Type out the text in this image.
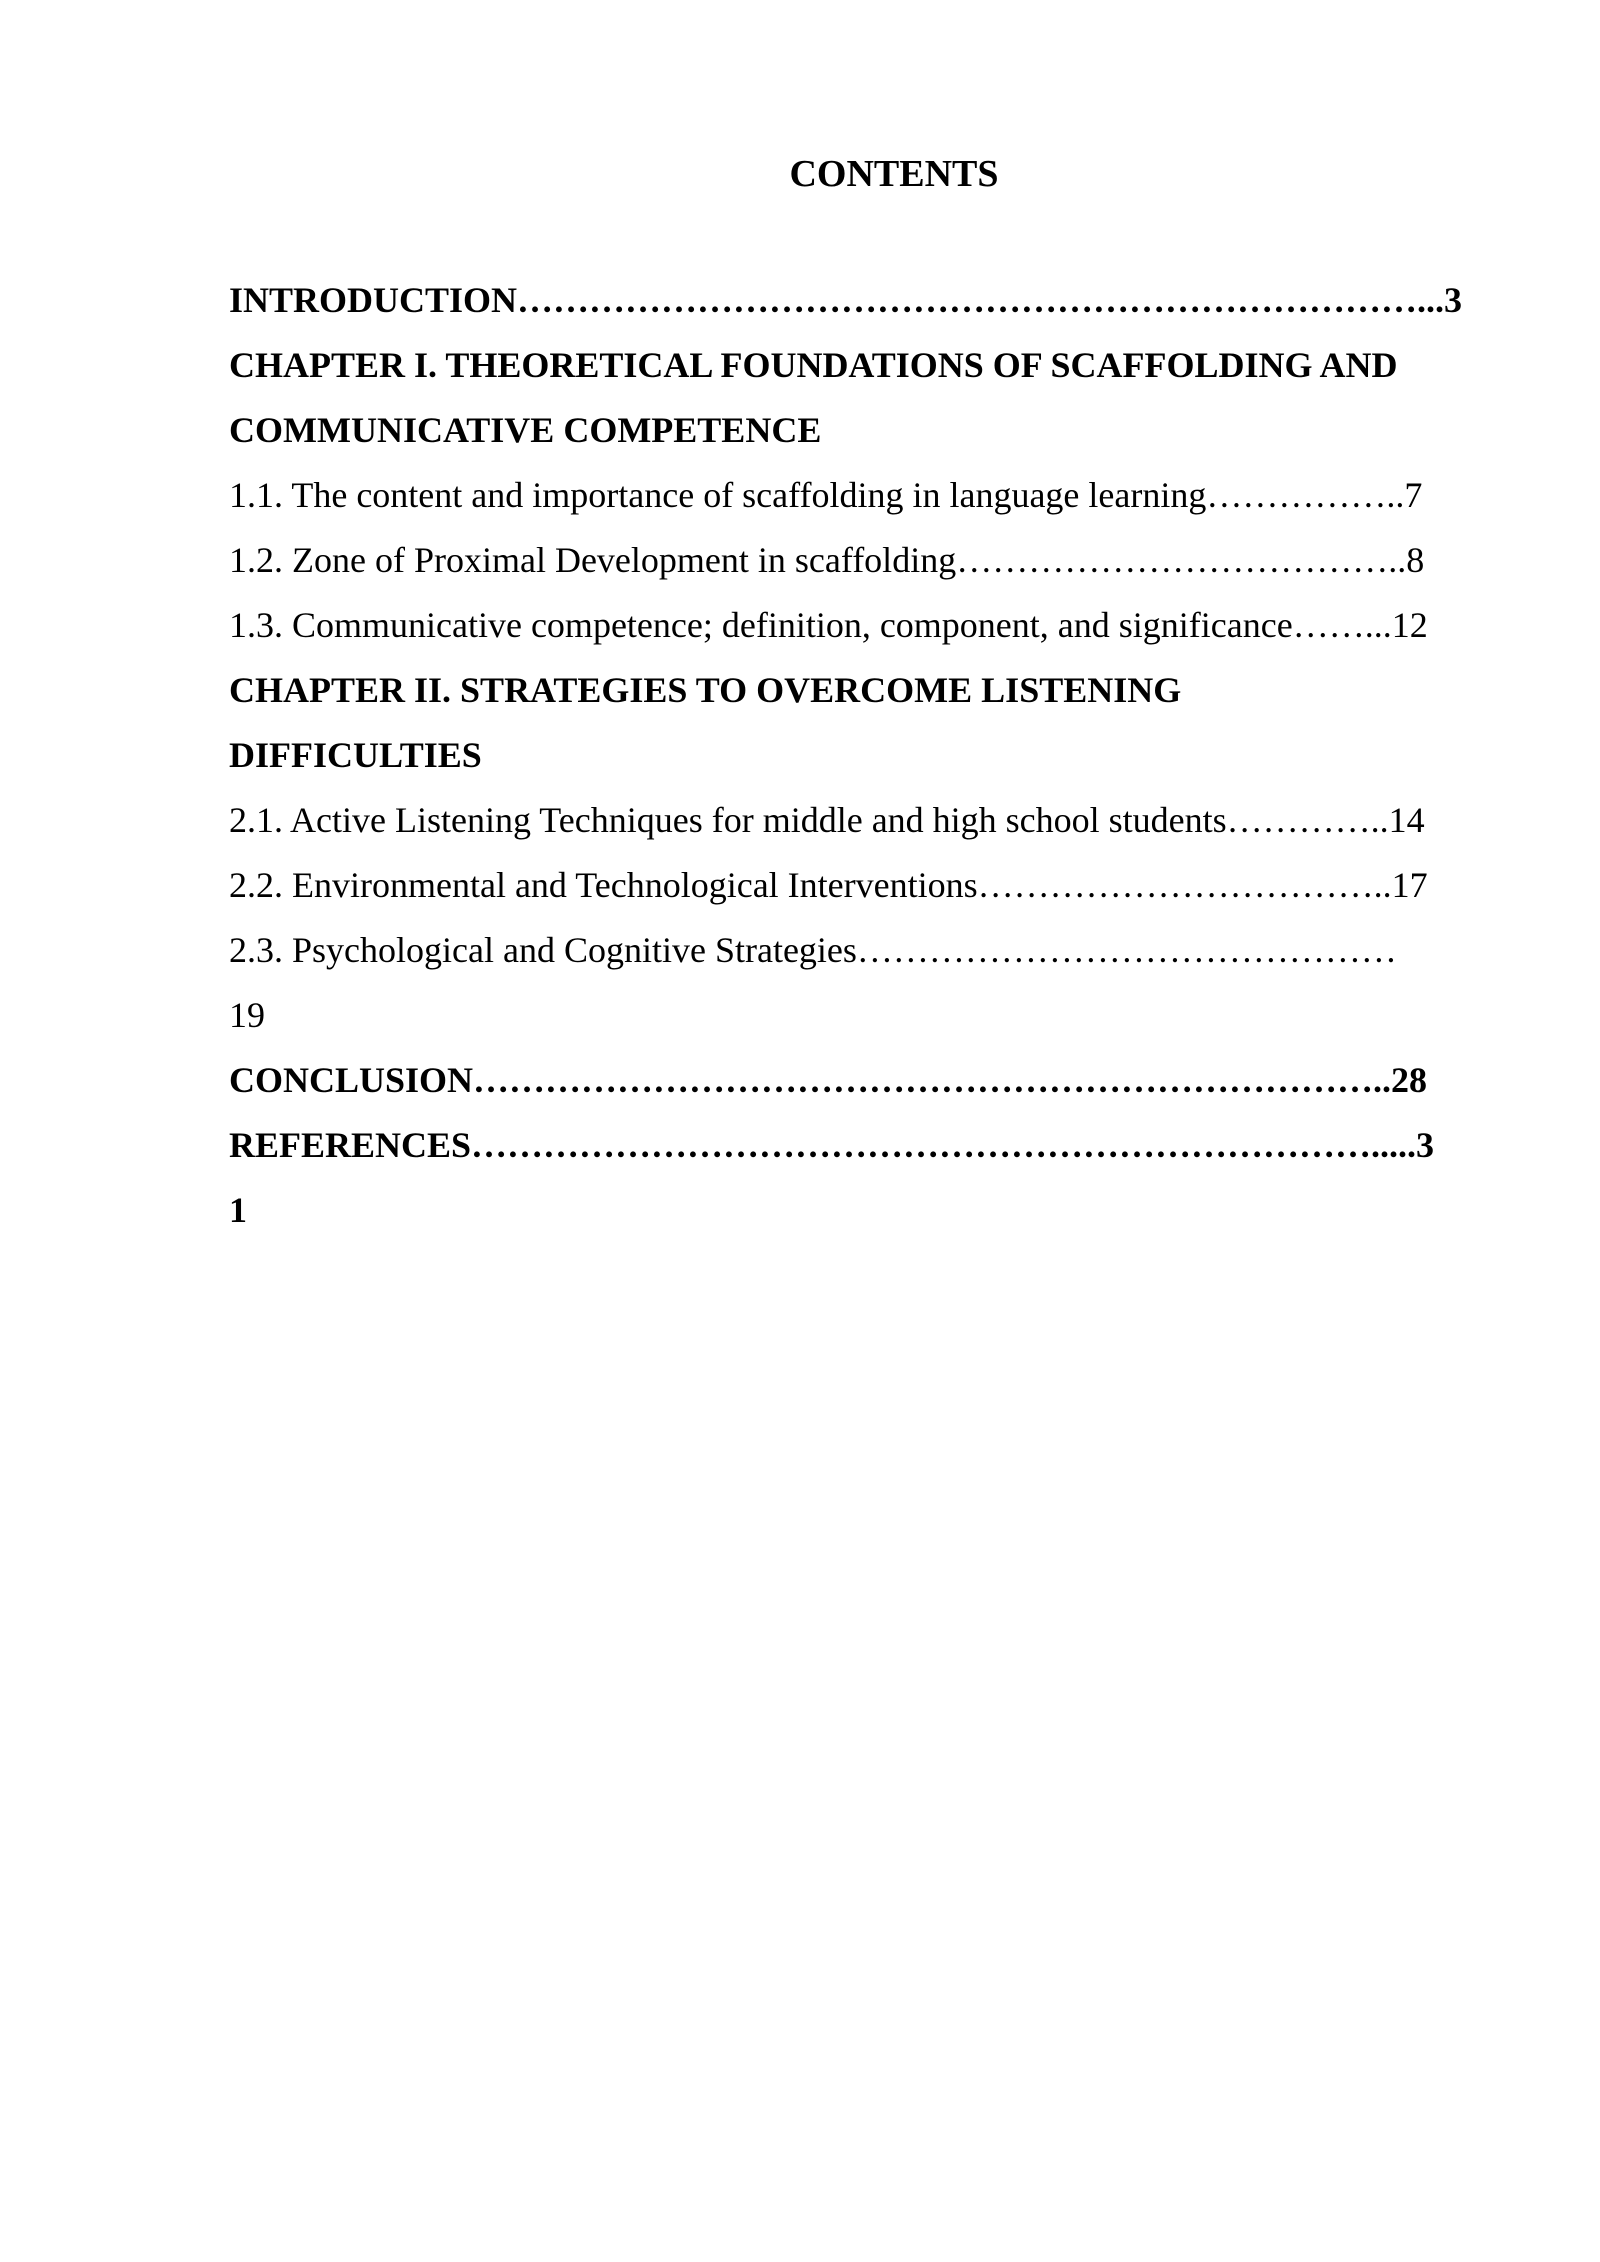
CONTENTS
INTRODUCTION…………………………………………………………………...3
CHAPTER I. THEORETICAL FOUNDATIONS OF SCAFFOLDING AND
COMMUNICATIVE COMPETENCE
1.1. The content and importance of scaffolding in language learning……………..7
1.2. Zone of Proximal Development in scaffolding………………………………..8
1.3. Communicative competence; definition, component, and significance……...12
CHAPTER II. STRATEGIES TO OVERCOME LISTENING
DIFFICULTIES
2.1. Active Listening Techniques for middle and high school students…………..14
2.2. Environmental and Technological Interventions……………………………..17
2.3. Psychological and Cognitive Strategies………………………………………
19
CONCLUSION…………………………………………………………………..28
REFERENCES………………………………………………………………….....3
1
